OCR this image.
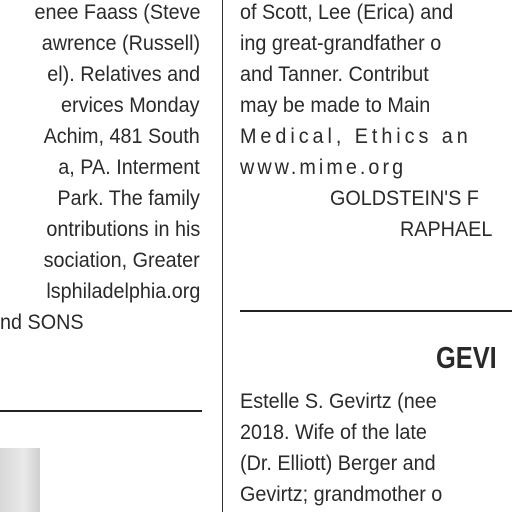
enee Faass (Steve
awrence (Russell)
el). Relatives and
ervices Monday
Achim, 481 South
a, PA. Interment
Park. The family
ontributions in his
sociation, Greater
lsphiladelphia.org
nd SONS
of Scott, Lee (Erica) and
ing great-grandfather o
and Tanner. Contribut
may be made to Main
Medical, Ethics an
www.mime.org
GOLDSTEIN'S F
RAPHAEL
GEVI
Estelle S. Gevirtz (nee
2018. Wife of the late
(Dr. Elliott) Berger and
Gevirtz; grandmother o
